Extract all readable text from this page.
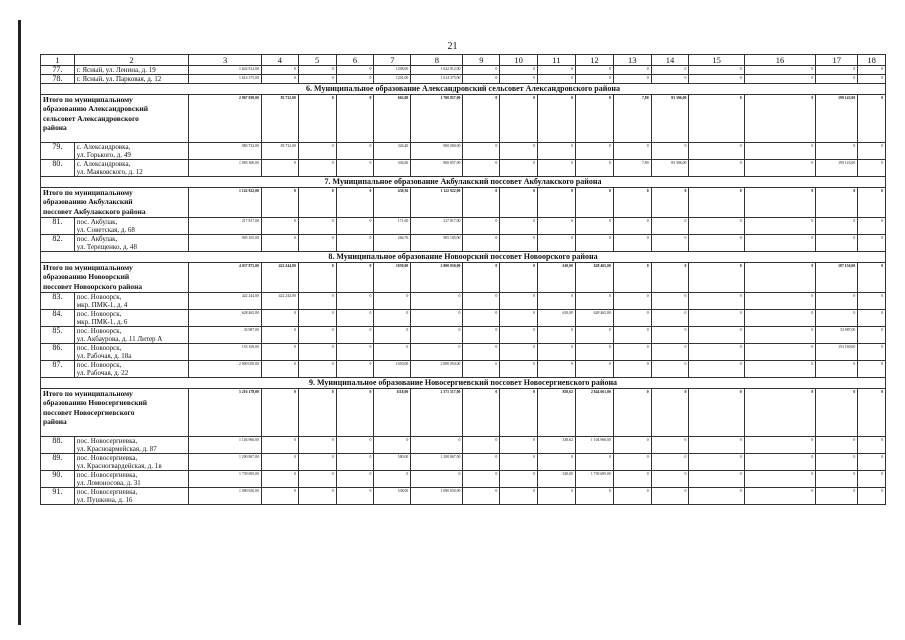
21
1	2	3	4	5	6	7	8	9	10	11	12	13	14	15	16	17	18
77.	г. Ясный, ул. Ленина, д. 19	1 622 912,00	0	0	0	1208,00	1 622 912,00	0	0	0	0	0	0	0	0	0	0
78.	г. Ясный, ул. Парковая, д. 12	1 614 375,00	0	0	0	1201,00	1 614 375,00	0	0	0	0	0	0	0	0	0	0
6. Муниципальное образование Александровский сельсовет Александровского района																	

Итого по муниципальному
образованию Александровский
сельсовет Александровского
района		2 067 038,00	83 732,00	0	0	663,00	1 700 857,00	0	0	0	0	7,80	83 306,00	0	0	199 143,00	0
79.	с. Александровка,
ул. Горького, д. 49	983 732,00	83 732,00	0	0	326,40	900 000,00	0	0	0	0	0	0	0	0	0	0
80.	с. Александровка,
ул. Маяковского, д. 12	1 083 306,00	0	0	0	336,60	800 857,00	0	0	0	0	7,80	83 306,00	0	0	199 143,00	0
7. Муниципальное образование Акбулакский поссовет Акбулакского района																	

Итого по муниципальному
образованию Акбулакский
поссовет Акбулакского района		1 122 922,00	0	0	0	438,36	1 122 922,00	0	0	0	0	0	0	0	0	0	0
81.	пос. Акбулак,
ул. Советская, д. 68	217 817,00	0	0	0	171,60	217 817,00	0	0	0	0	0	0	0	0	0	0
82.	пос. Акбулак,
ул. Терещенко, д. 48	905 105,00	0	0	0	266,76	905 105,00	0	0	0	0	0	0	0	0	0	0
8. Муниципальное образование Новоорский поссовет Новоорского района																	

Итого по муниципальному
образованию Новоорский
поссовет Новоорского района		4 037 875,00	422 244,00	0	0	1059,00	2 800 050,00	0	0	610,00	628 465,00	0	0	0	0	187 156,00	0
83.	пос. Новоорск,
мкр. ПМК-1, д. 4	422 244,00	422 244,00	0	0	0	0	0	0	0	0	0	0	0	0	0	0
84.	пос. Новоорск,
мкр. ПМК-1, д. 6	628 465,00	0	0	0	0	0	0	0	610,00	628 465,00	0	0	0	0	0	0
85.	пос. Новоорск,
ул. Акбаурова, д. 11 Литер А	33 987,00	0	0	0	0	0	0	0	0	0	0	0	0	0	33 987,00	0
86.	пос. Новоорск,
ул. Рабочая, д. 18а	153 169,00	0	0	0	0	0	0	0	0	0	0	0	0	0	153 169,00	0
87.	пос. Новоорск,
ул. Рабочая, д. 22	2 800 050,00	0	0	0	1059,00	2 800 050,00	0	0	0	0	0	0	0	0	0	0
9. Муниципальное образование Новосергиевский поссовет Новосергиевского района																	

Итого по муниципальному
образованию Новосергиевский
поссовет Новосергиевского
района		5 216 178,00	0	0	0	1118,00	2 371 517,00	0	0	858,62	2 844 661,00	0	0	0	0	0	0
88.	пос. Новосергиевка,
ул. Красноармейская, д. 87	1 104 966,00	0	0	0	0	0	0	0	338,62	1 104 966,00	0	0	0	0	0	0
89.	пос. Новосергиевка,
ул. Красногвардейская, д. 1в	1 290 867,00	0	0	0	580,00	1 290 867,00	0	0	0	0	0	0	0	0	0	0
90.	пос. Новосергиевка,
ул. Ломоносова, д. 31	1 739 695,00	0	0	0	0	0	0	0	520,00	1 739 695,00	0	0	0	0	0	0
91.	пос. Новосергиевка,
ул. Пушкина, д. 16	1 080 650,00	0	0	0	538,00	1 080 650,00	0	0	0	0	0	0	0	0	0	0
